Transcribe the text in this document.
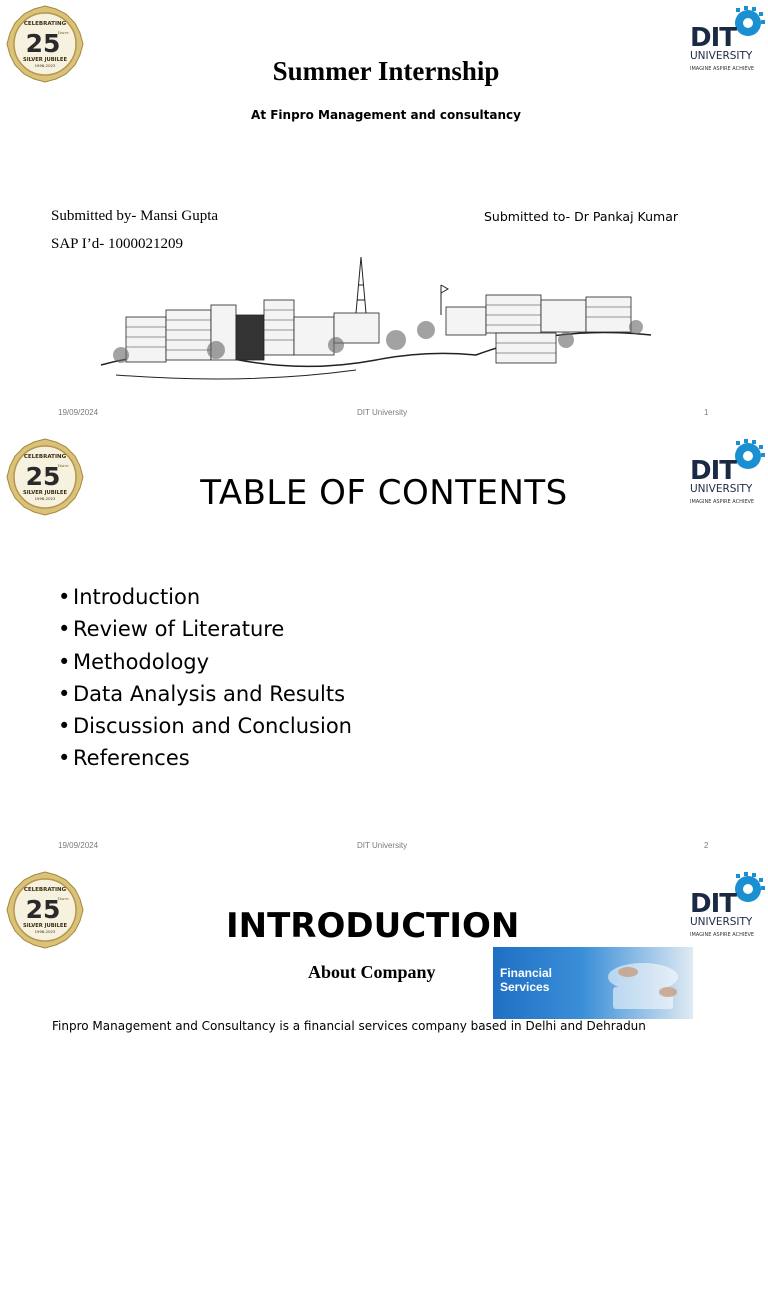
CELEBRATING
25
Years
SILVER JUBILEE
1998-2023
DIT
UNIVERSITY
IMAGINE ASPIRE ACHIEVE
Summer Internship
At Finpro Management and consultancy
Submitted by- Mansi Gupta
SAP I’d- 1000021209
Submitted to- Dr Pankaj Kumar
19/09/2024	DIT University	1
CELEBRATING
25
Years
SILVER JUBILEE
1998-2023
DIT
UNIVERSITY
IMAGINE ASPIRE ACHIEVE
TABLE OF CONTENTS
• Introduction
• Review of Literature
• Methodology
• Data Analysis and Results
• Discussion and Conclusion
• References
19/09/2024	DIT University	2
CELEBRATING
25
Years
SILVER JUBILEE
1998-2023
DIT
UNIVERSITY
IMAGINE ASPIRE ACHIEVE
INTRODUCTION
About Company	Financial
Services
Finpro Management and Consultancy is a financial services company based in Delhi and Dehradun
